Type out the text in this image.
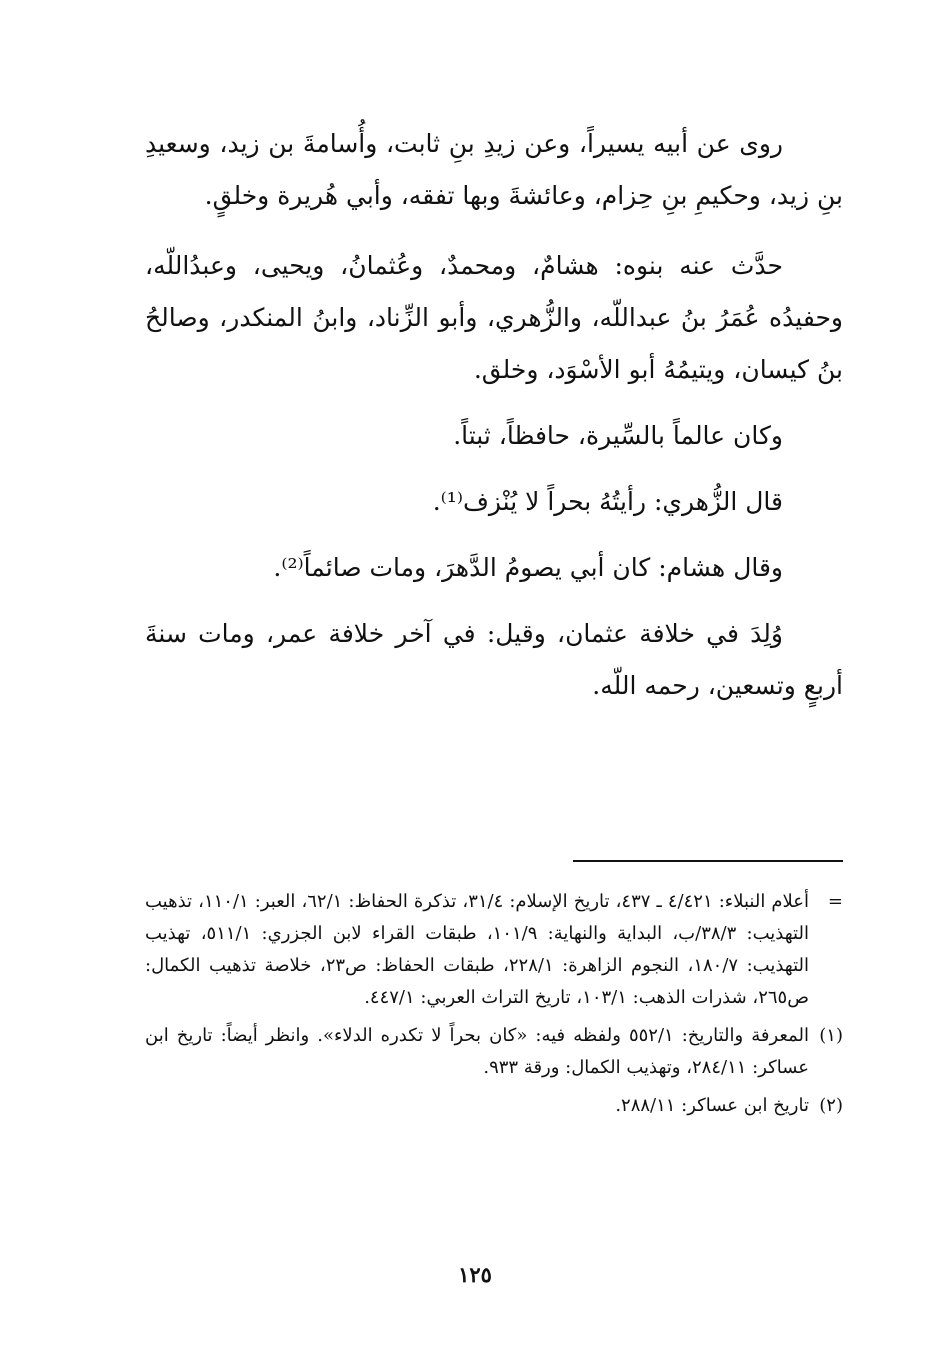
روى عن أبيه يسيراً، وعن زيدِ بنِ ثابت، وأُسامةَ بن زيد، وسعيدِ بنِ زيد، وحكيمِ بنِ حِزام، وعائشةَ وبها تفقه، وأبي هُريرة وخلقٍ.

حدَّث عنه بنوه: هشامٌ، ومحمدٌ، وعُثمانُ، ويحيى، وعبدُاللّه، وحفيدُه عُمَرُ بنُ عبداللّه، والزُّهري، وأبو الزِّناد، وابنُ المنكدر، وصالحُ بنُ كيسان، ويتيمُهُ أبو الأسْوَد، وخلق.

وكان عالماً بالسِّيرة، حافظاً، ثبتاً.

قال الزُّهري: رأيتُهُ بحراً لا يُنْزف⁽¹⁾.

وقال هشام: كان أبي يصومُ الدَّهرَ، ومات صائماً⁽²⁾.

وُلِدَ في خلافة عثمان، وقيل: في آخر خلافة عمر، ومات سنةَ أربعٍ وتسعين، رحمه اللّه.

=
أعلام النبلاء: ٤/٤٢١ ـ ٤٣٧، تاريخ الإسلام: ٣١/٤، تذكرة الحفاظ: ٦٢/١، العبر: ١١٠/١، تذهيب التهذيب: ٣٨/٣/ب، البداية والنهاية: ١٠١/٩، طبقات القراء لابن الجزري: ٥١١/١، تهذيب التهذيب: ١٨٠/٧، النجوم الزاهرة: ٢٢٨/١، طبقات الحفاظ: ص٢٣، خلاصة تذهيب الكمال: ص٢٦٥، شذرات الذهب: ١٠٣/١، تاريخ التراث العربي: ٤٤٧/١.
(١)
المعرفة والتاريخ: ٥٥٢/١ ولفظه فيه: «كان بحراً لا تكدره الدلاء». وانظر أيضاً: تاريخ ابن عساكر: ٢٨٤/١١، وتهذيب الكمال: ورقة ٩٣٣.
(٢)
تاريخ ابن عساكر: ٢٨٨/١١.
١٢٥
